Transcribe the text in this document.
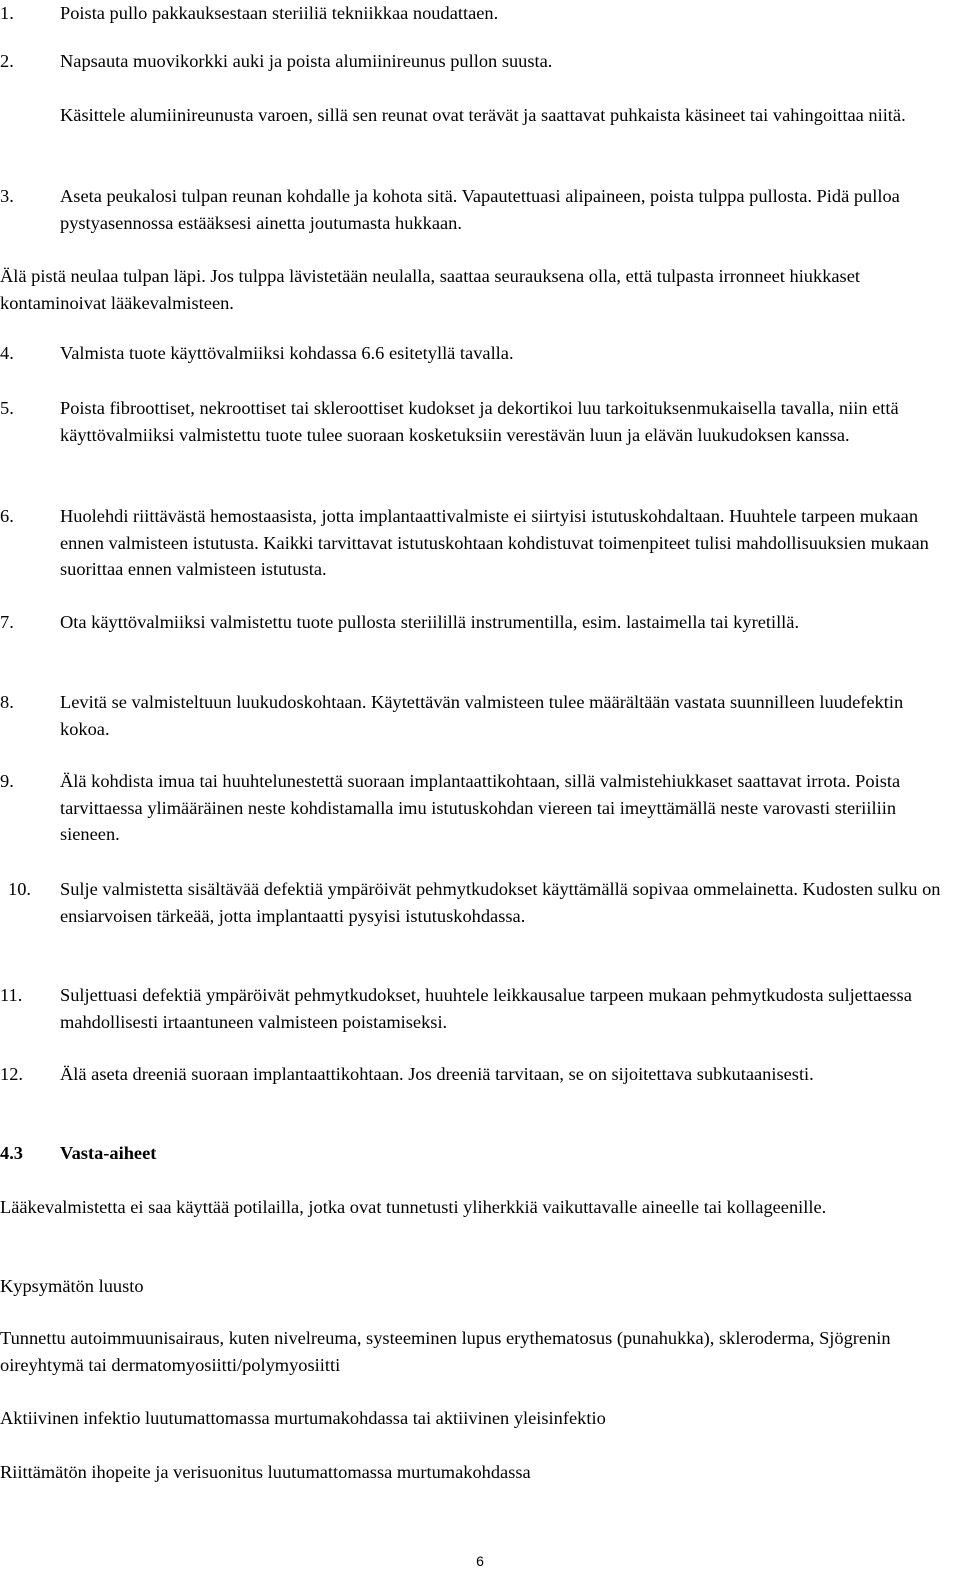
1.	Poista pullo pakkauksestaan steriiliä tekniikkaa noudattaen.
2.	Napsauta muovikorkki auki ja poista alumiinireunus pullon suusta.
Käsittele alumiinireunusta varoen, sillä sen reunat ovat terävät ja saattavat puhkaista käsineet tai vahingoittaa niitä.
3.	Aseta peukalosi tulpan reunan kohdalle ja kohota sitä. Vapautettuasi alipaineen, poista tulppa pullosta. Pidä pulloa pystyasennossa estääksesi ainetta joutumasta hukkaan.
Älä pistä neulaa tulpan läpi. Jos tulppa lävistetään neulalla, saattaa seurauksena olla, että tulpasta irronneet hiukkaset kontaminoivat lääkevalmisteen.
4.	Valmista tuote käyttövalmiiksi kohdassa 6.6 esitetyllä tavalla.
5.	Poista fibroottiset, nekroottiset tai skleroottiset kudokset ja dekortikoi luu tarkoituksenmukaisella tavalla, niin että käyttövalmiiksi valmistettu tuote tulee suoraan kosketuksiin verestävän luun ja elävän luukudoksen kanssa.
6.	Huolehdi riittävästä hemostaasista, jotta implantaattivalmiste ei siirtyisi istutuskohdaltaan. Huuhtele tarpeen mukaan ennen valmisteen istutusta. Kaikki tarvittavat istutuskohtaan kohdistuvat toimenpiteet tulisi mahdollisuuksien mukaan suorittaa ennen valmisteen istutusta.
7.	Ota käyttövalmiiksi valmistettu tuote pullosta steriilillä instrumentilla, esim. lastaimella tai kyretillä.
8.	Levitä se valmisteltuun luukudoskohtaan. Käytettävän valmisteen tulee määrältään vastata suunnilleen luudefektin kokoa.
9.	Älä kohdista imua tai huuhtelunestettä suoraan implantaattikohtaan, sillä valmistehiukkaset saattavat irrota. Poista tarvittaessa ylimääräinen neste kohdistamalla imu istutuskohdan viereen tai imeyttämällä neste varovasti steriiliin sieneen.
10. Sulje valmistetta sisältävää defektiä ympäröivät pehmytkudokset käyttämällä sopivaa ommelainetta. Kudosten sulku on ensiarvoisen tärkeää, jotta implantaatti pysyisi istutuskohdassa.
11. Suljettuasi defektiä ympäröivät pehmytkudokset, huuhtele leikkausalue tarpeen mukaan pehmytkudosta suljettaessa mahdollisesti irtaantuneen valmisteen poistamiseksi.
12. Älä aseta dreeniä suoraan implantaattikohtaan. Jos dreeniä tarvitaan, se on sijoitettava subkutaanisesti.
4.3 Vasta-aiheet
Lääkevalmistetta ei saa käyttää potilailla, jotka ovat tunnetusti yliherkkiä vaikuttavalle aineelle tai kollageenille.
Kypsymätön luusto
Tunnettu autoimmuunisairaus, kuten nivelreuma, systeeminen lupus erythematosus (punahukka), skleroderma, Sjögrenin oireyhtymä tai dermatomyosiitti/polymyosiitti
Aktiivinen infektio luutumattomassa murtumakohdassa tai aktiivinen yleisinfektio
Riittämätön ihopeite ja verisuonitus luutumattomassa murtumakohdassa
6
